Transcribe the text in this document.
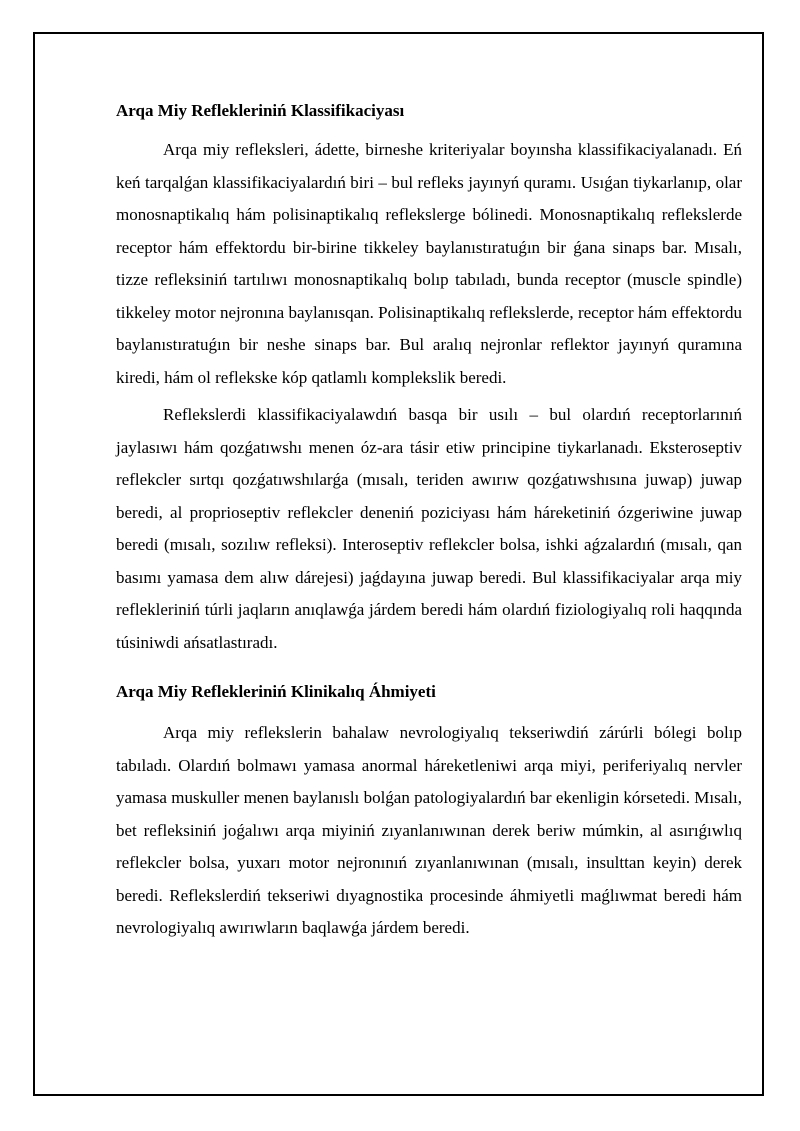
Arqa Miy Reflekleriniń Klassifikaciyası

Arqa miy refleksleri, ádette, birneshe kriteriyalar boyınsha klassifikaciyalanadı. Eń keń tarqalǵan klassifikaciyalardıń biri – bul refleks jayınyń quramı. Usıǵan tiykarlanıp, olar monosnaptikalıq hám polisinaptikalıq reflekslerge bólinedi. Monosnaptikalıq reflekslerde receptor hám effektordu bir-birine tikkeley baylanıstıratuǵın bir ǵana sinaps bar. Mısalı, tizze refleksiniń tartılıwı monosnaptikalıq bolıp tabıladı, bunda receptor (muscle spindle) tikkeley motor nejronına baylanısqan. Polisinaptikalıq reflekslerde, receptor hám effektordu baylanıstıratuǵın bir neshe sinaps bar. Bul aralıq nejronlar reflektor jayınyń quramına kiredi, hám ol reflekske kóp qatlamlı komplekslik beredi.

Reflekslerdi klassifikaciyalawdıń basqa bir usılı – bul olardıń receptorlarınıń jaylasıwı hám qozǵatıwshı menen óz-ara tásir etiw principine tiykarlanadı. Eksteroseptiv reflekcler sırtqı qozǵatıwshılarǵa (mısalı, teriden awırıw qozǵatıwshısına juwap) juwap beredi, al proprioseptiv reflekcler deneniń poziciyası hám háreketiniń ózgeriwine juwap beredi (mısalı, sozılıw refleksi). Interoseptiv reflekcler bolsa, ishki aǵzalardıń (mısalı, qan basımı yamasa dem alıw dárejesi) jaǵdayına juwap beredi. Bul klassifikaciyalar arqa miy reflekleriniń túrli jaqların anıqlawǵa járdem beredi hám olardıń fiziologiyalıq roli haqqında túsiniwdi ańsatlastıradı.

Arqa Miy Reflekleriniń Klinikalıq Áhmiyeti

Arqa miy reflekslerin bahalaw nevrologiyalıq tekseriwdiń zárúrli bólegi bolıp tabıladı. Olardıń bolmawı yamasa anormal háreketleniwi arqa miyi, periferiyalıq nervler yamasa muskuller menen baylanıslı bolǵan patologiyalardıń bar ekenligin kórsetedi. Mısalı, bet refleksiniń joǵalıwı arqa miyiniń zıyanlanıwınan derek beriw múmkin, al asırıǵıwlıq reflekcler bolsa, yuxarı motor nejronınıń zıyanlanıwınan (mısalı, insulttan keyin) derek beredi. Reflekslerdiń tekseriwi dıyagnostika procesinde áhmiyetli maǵlıwmat beredi hám nevrologiyalıq awırıwların baqlawǵa járdem beredi.
